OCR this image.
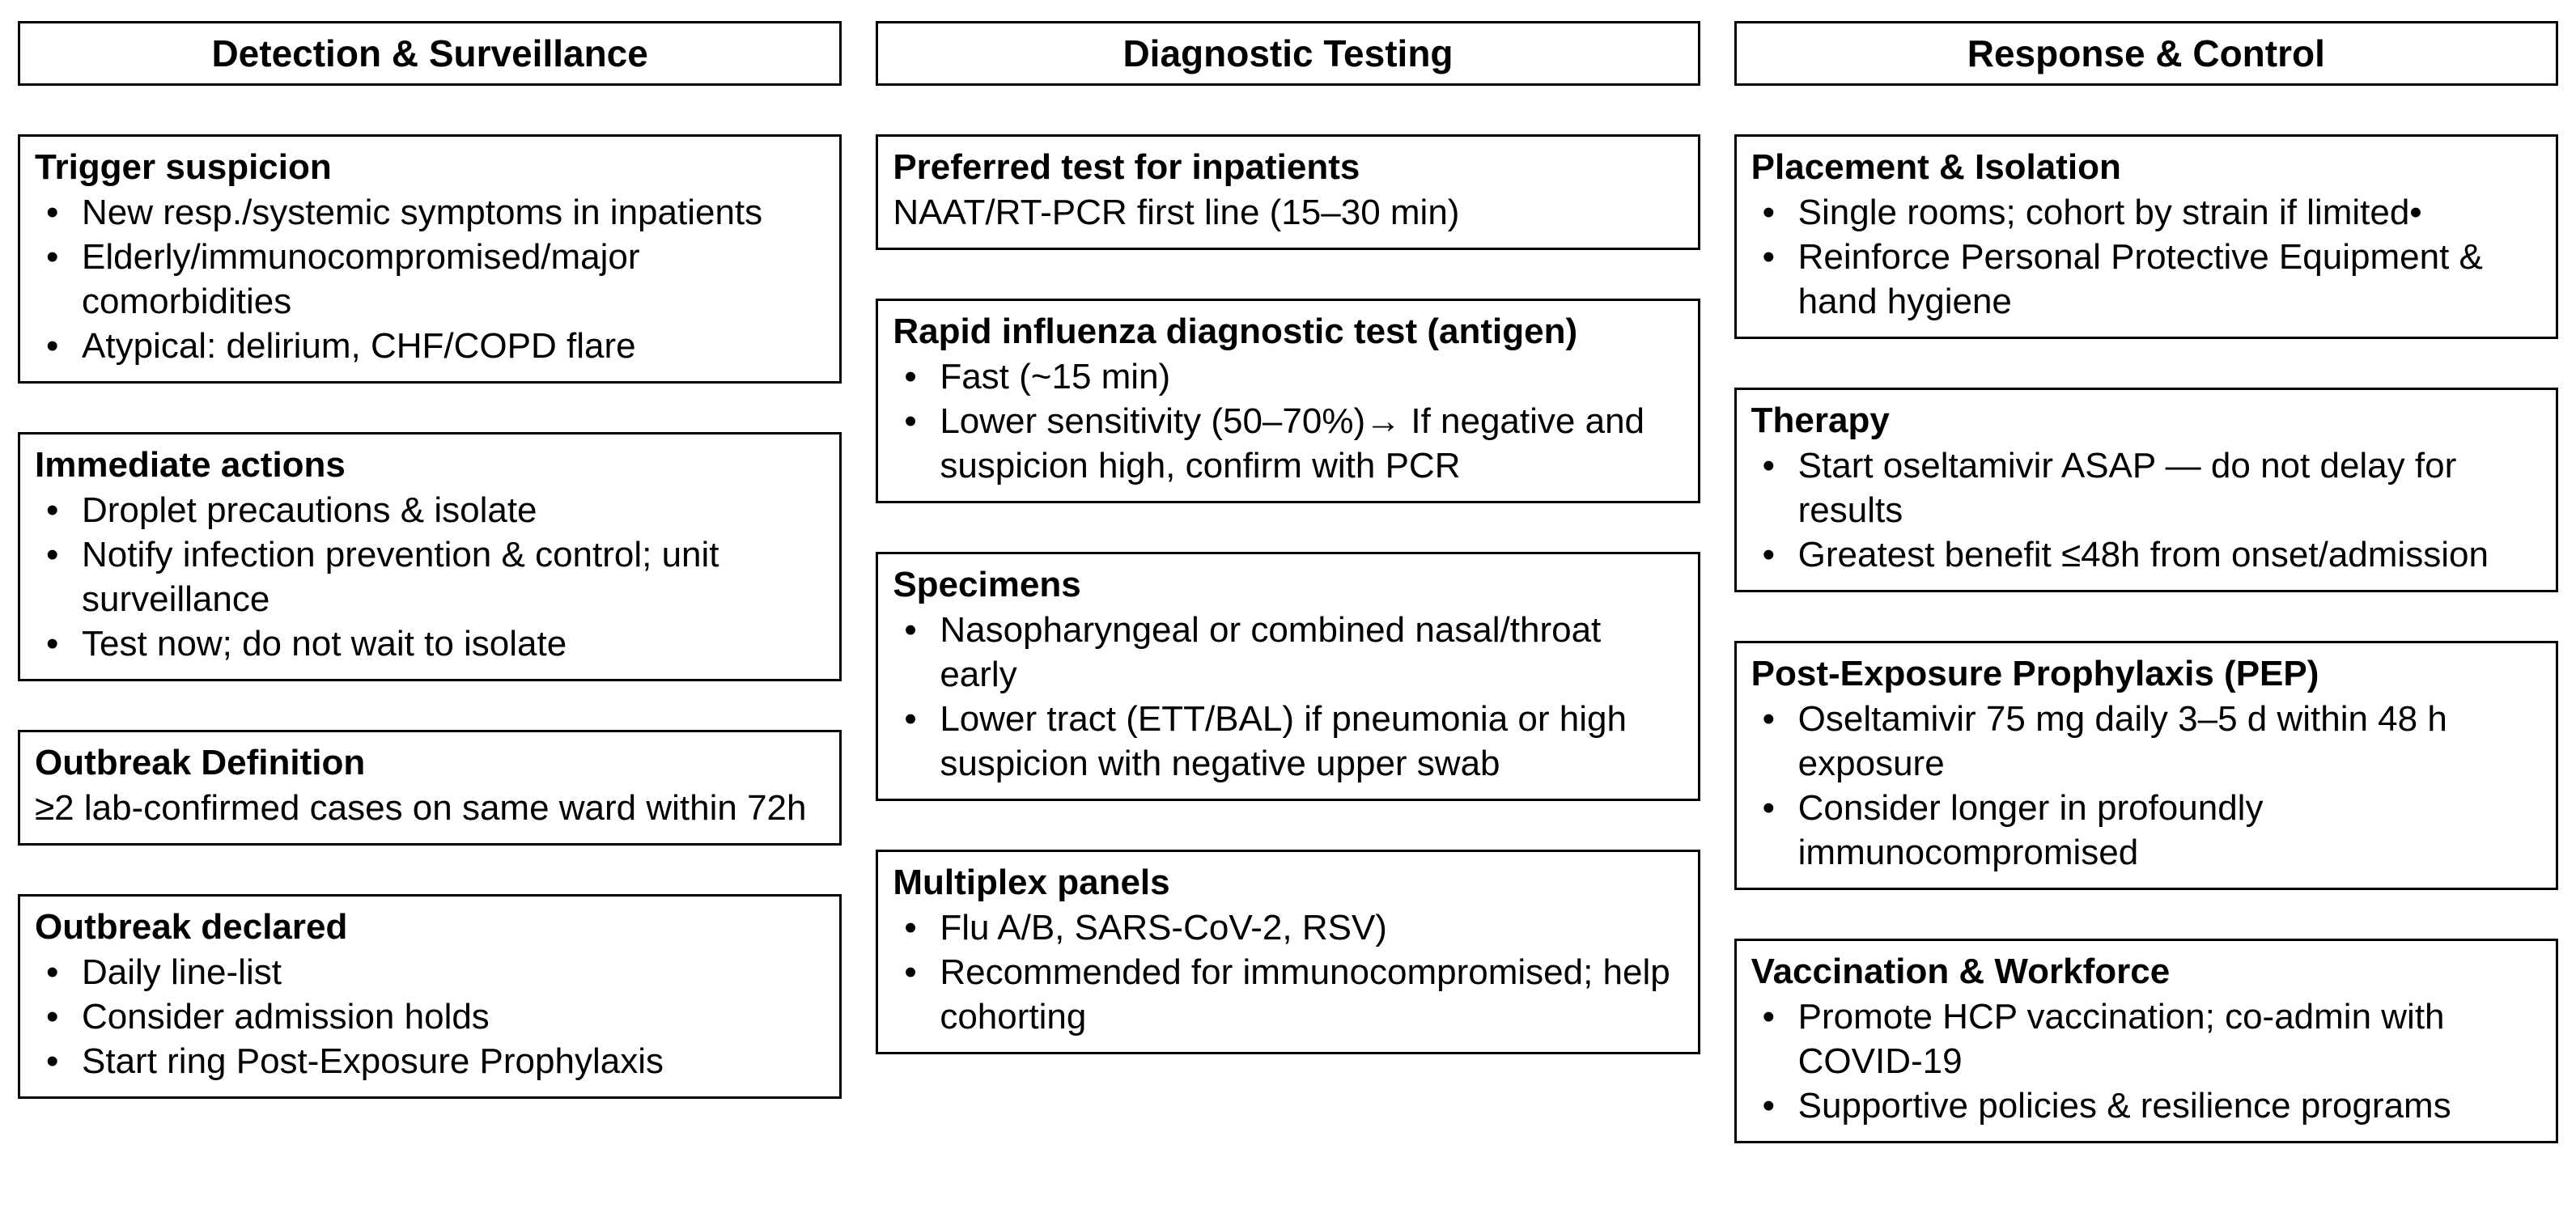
Detection & Surveillance
Trigger suspicion
• New resp./systemic symptoms in inpatients
• Elderly/immunocompromised/major comorbidities
• Atypical: delirium, CHF/COPD flare
Immediate actions
• Droplet precautions & isolate
• Notify infection prevention & control; unit surveillance
• Test now; do not wait to isolate
Outbreak Definition

≥2 lab-confirmed cases on same ward within 72h

Outbreak declared
• Daily line-list
• Consider admission holds
• Start ring Post-Exposure Prophylaxis
Diagnostic Testing
Preferred test for inpatients

NAAT/RT-PCR first line (15–30 min)

Rapid influenza diagnostic test (antigen)
• Fast (~15 min)
• Lower sensitivity (50–70%)→ If negative and suspicion high, confirm with PCR
Specimens
• Nasopharyngeal or combined nasal/throat early
• Lower tract (ETT/BAL) if pneumonia or high suspicion with negative upper swab
Multiplex panels
• Flu A/B, SARS-CoV-2, RSV)
• Recommended for immunocompromised; help cohorting
Response & Control
Placement & Isolation
• Single rooms; cohort by strain if limited•
• Reinforce Personal Protective Equipment & hand hygiene
Therapy
• Start oseltamivir ASAP — do not delay for results
• Greatest benefit ≤48h from onset/admission
Post-Exposure Prophylaxis (PEP)
• Oseltamivir 75 mg daily 3–5 d within 48 h exposure
• Consider longer in profoundly immunocompromised
Vaccination & Workforce
• Promote HCP vaccination; co-admin with COVID-19
• Supportive policies & resilience programs
